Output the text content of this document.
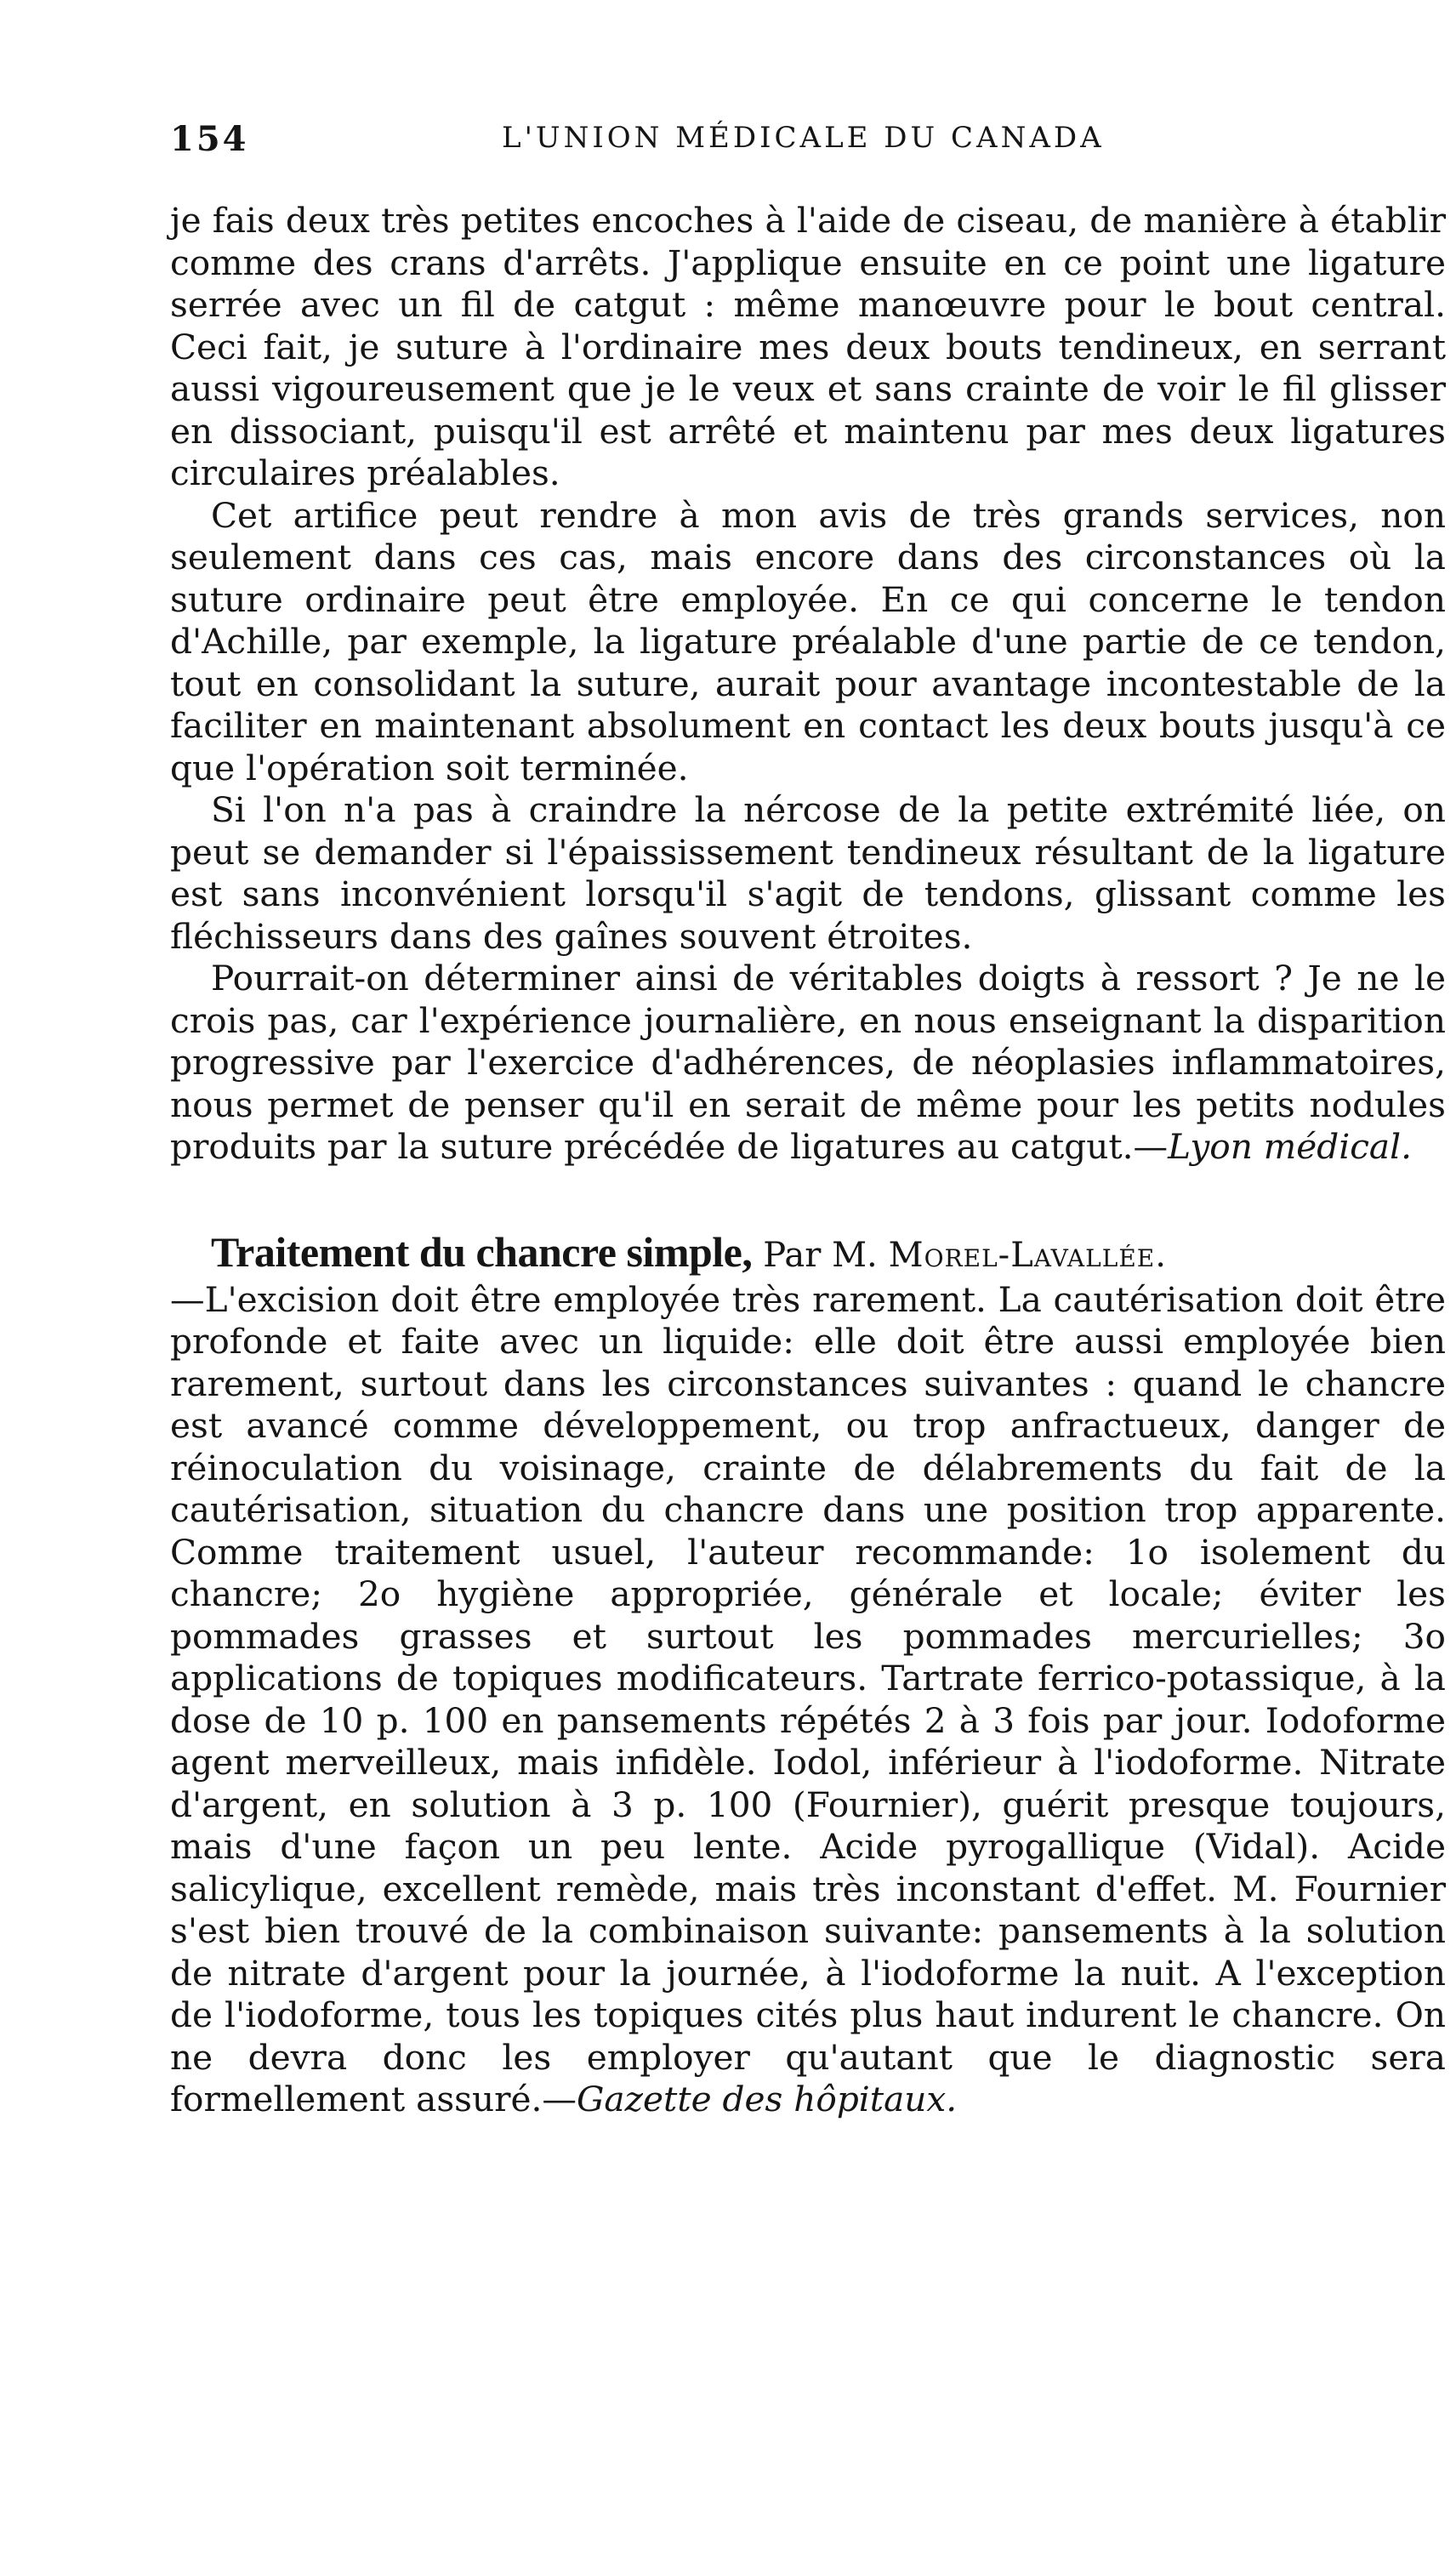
154	L'UNION MÉDICALE DU CANADA

je fais deux très petites encoches à l'aide de ciseau, de manière à établir comme des crans d'arrêts. J'applique ensuite en ce point une ligature serrée avec un fil de catgut : même manœuvre pour le bout central. Ceci fait, je suture à l'ordinaire mes deux bouts tendineux, en serrant aussi vigoureusement que je le veux et sans crainte de voir le fil glisser en dissociant, puisqu'il est arrêté et maintenu par mes deux ligatures circulaires préalables.

Cet artifice peut rendre à mon avis de très grands services, non seulement dans ces cas, mais encore dans des circonstances où la suture ordinaire peut être employée. En ce qui concerne le tendon d'Achille, par exemple, la ligature préalable d'une partie de ce tendon, tout en consolidant la suture, aurait pour avantage incontestable de la faciliter en maintenant absolument en contact les deux bouts jusqu'à ce que l'opération soit terminée.

Si l'on n'a pas à craindre la nércose de la petite extrémité liée, on peut se demander si l'épaississement tendineux résultant de la ligature est sans inconvénient lorsqu'il s'agit de tendons, glissant comme les fléchisseurs dans des gaînes souvent étroites.

Pourrait-on déterminer ainsi de véritables doigts à ressort ? Je ne le crois pas, car l'expérience journalière, en nous enseignant la disparition progressive par l'exercice d'adhérences, de néoplasies inflammatoires, nous permet de penser qu'il en serait de même pour les petits nodules produits par la suture précédée de ligatures au catgut.—Lyon médical.

Traitement du chancre simple, Par M. Morel-Lavallée.

—L'excision doit être employée très rarement. La cautérisation doit être profonde et faite avec un liquide: elle doit être aussi employée bien rarement, surtout dans les circonstances suivantes : quand le chancre est avancé comme développement, ou trop anfractueux, danger de réinoculation du voisinage, crainte de délabrements du fait de la cautérisation, situation du chancre dans une position trop apparente. Comme traitement usuel, l'auteur recommande: 1o isolement du chancre; 2o hygiène appropriée, générale et locale; éviter les pommades grasses et surtout les pommades mercurielles; 3o applications de topiques modificateurs. Tartrate ferrico-potassique, à la dose de 10 p. 100 en pansements répétés 2 à 3 fois par jour. Iodoforme agent merveilleux, mais infidèle. Iodol, inférieur à l'iodoforme. Nitrate d'argent, en solution à 3 p. 100 (Fournier), guérit presque toujours, mais d'une façon un peu lente. Acide pyrogallique (Vidal). Acide salicylique, excellent remède, mais très inconstant d'effet. M. Fournier s'est bien trouvé de la combinaison suivante: pansements à la solution de nitrate d'argent pour la journée, à l'iodoforme la nuit. A l'exception de l'iodoforme, tous les topiques cités plus haut indurent le chancre. On ne devra donc les employer qu'autant que le diagnostic sera formellement assuré.—Gazette des hôpitaux.
